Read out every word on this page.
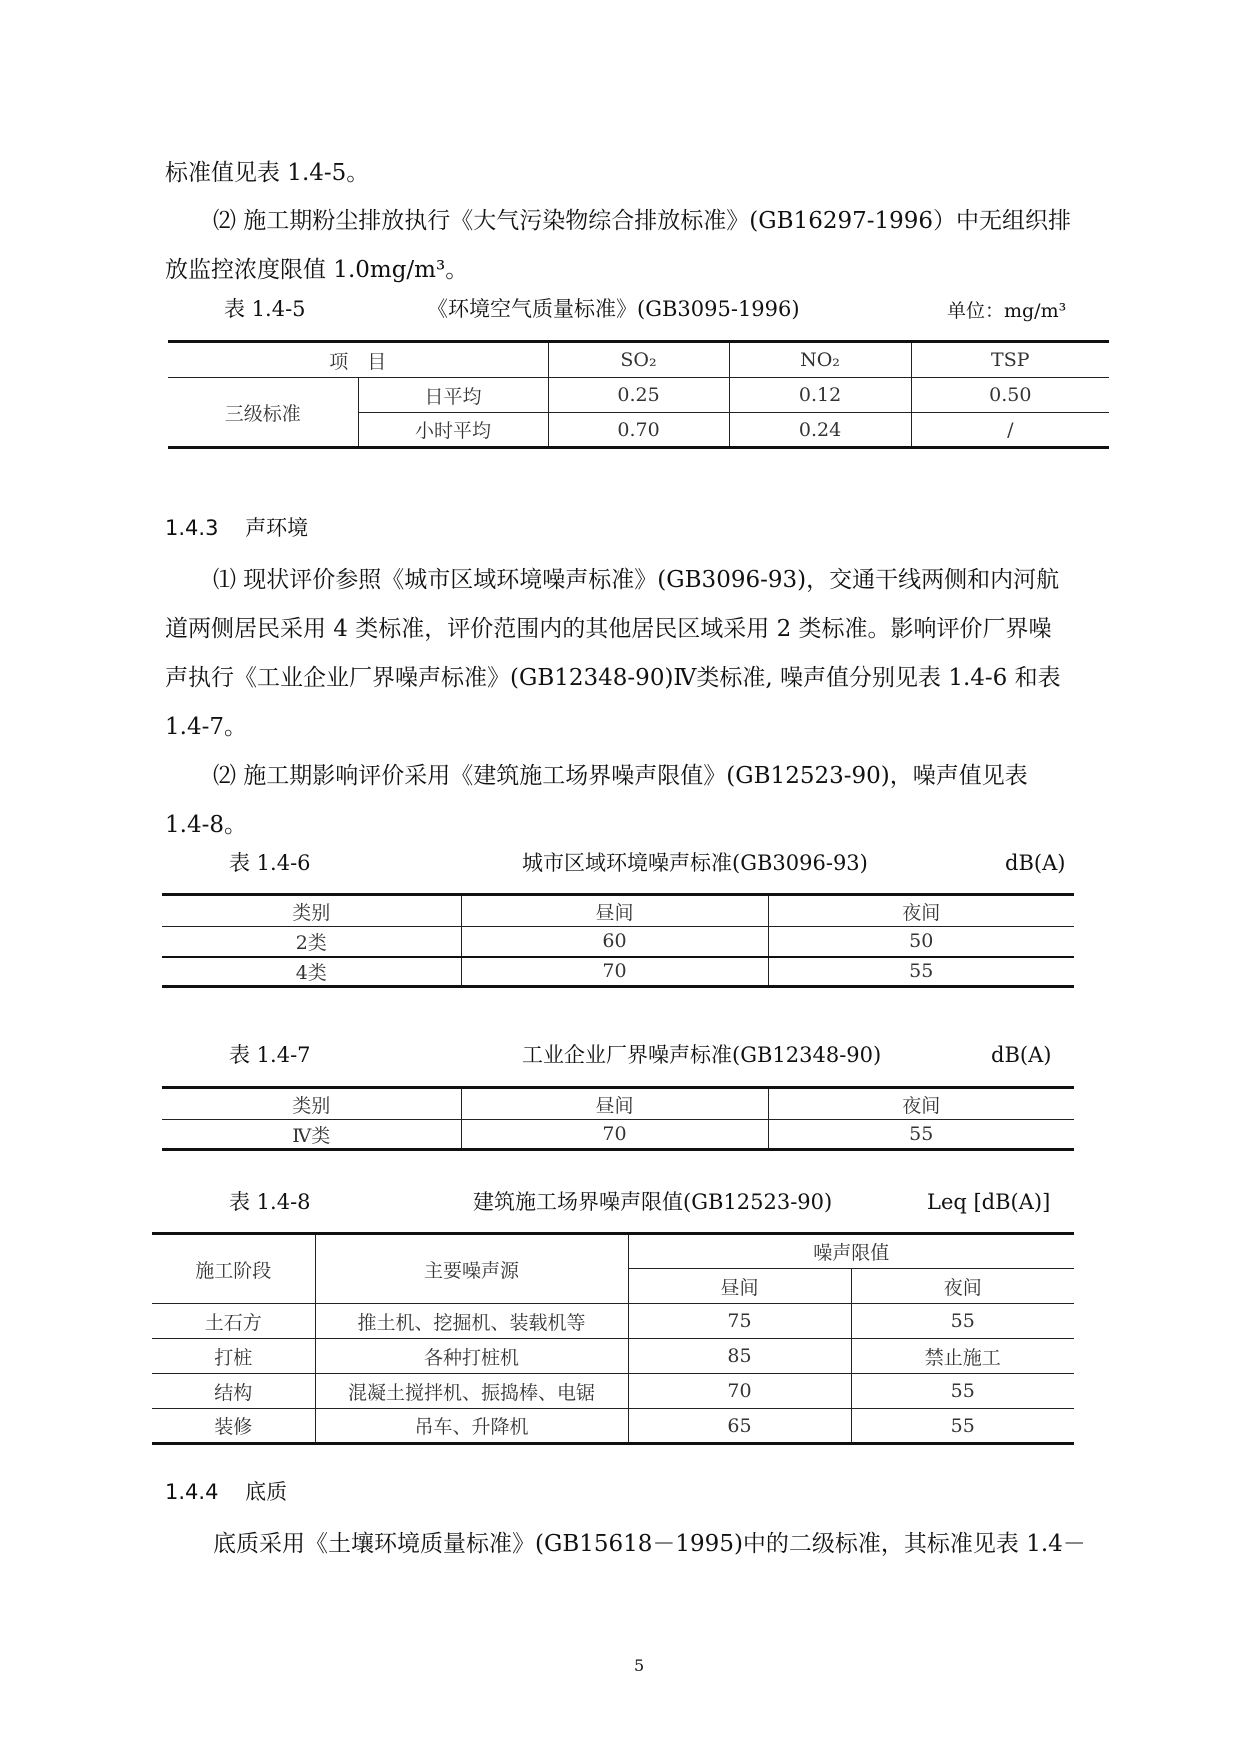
标准值见表 1.4-5。
⑵ 施工期粉尘排放执行《大气污染物综合排放标准》(GB16297-1996）中无组织排
放监控浓度限值 1.0mg/m³。
表 1.4-5	《环境空气质量标准》(GB3095-1996)	单位：mg/m³
项　目		SO₂	NO₂	TSP
三级标准	日平均	0.25	0.12	0.50
	小时平均	0.70	0.24	/
1.4.3 声环境
⑴ 现状评价参照《城市区域环境噪声标准》(GB3096-93)，交通干线两侧和内河航
道两侧居民采用 4 类标准，评价范围内的其他居民区域采用 2 类标准。影响评价厂界噪
声执行《工业企业厂界噪声标准》(GB12348-90)Ⅳ类标准, 噪声值分别见表 1.4-6 和表
1.4-7。
⑵ 施工期影响评价采用《建筑施工场界噪声限值》(GB12523-90)，噪声值见表
1.4-8。
表 1.4-6	城市区域环境噪声标准(GB3096-93)	dB(A)
类别	昼间	夜间
2类	60	50
4类	70	55
表 1.4-7	工业企业厂界噪声标准(GB12348-90)	dB(A)
类别	昼间	夜间
Ⅳ类	70	55
表 1.4-8	建筑施工场界噪声限值(GB12523-90)	Leq [dB(A)]
施工阶段	主要噪声源	噪声限值	
		昼间	夜间
土石方	推土机、挖掘机、装载机等	75	55
打桩	各种打桩机	85	禁止施工
结构	混凝土搅拌机、振捣棒、电锯	70	55
装修	吊车、升降机	65	55
1.4.4 底质
底质采用《土壤环境质量标准》(GB15618－1995)中的二级标准，其标准见表 1.4－
5
